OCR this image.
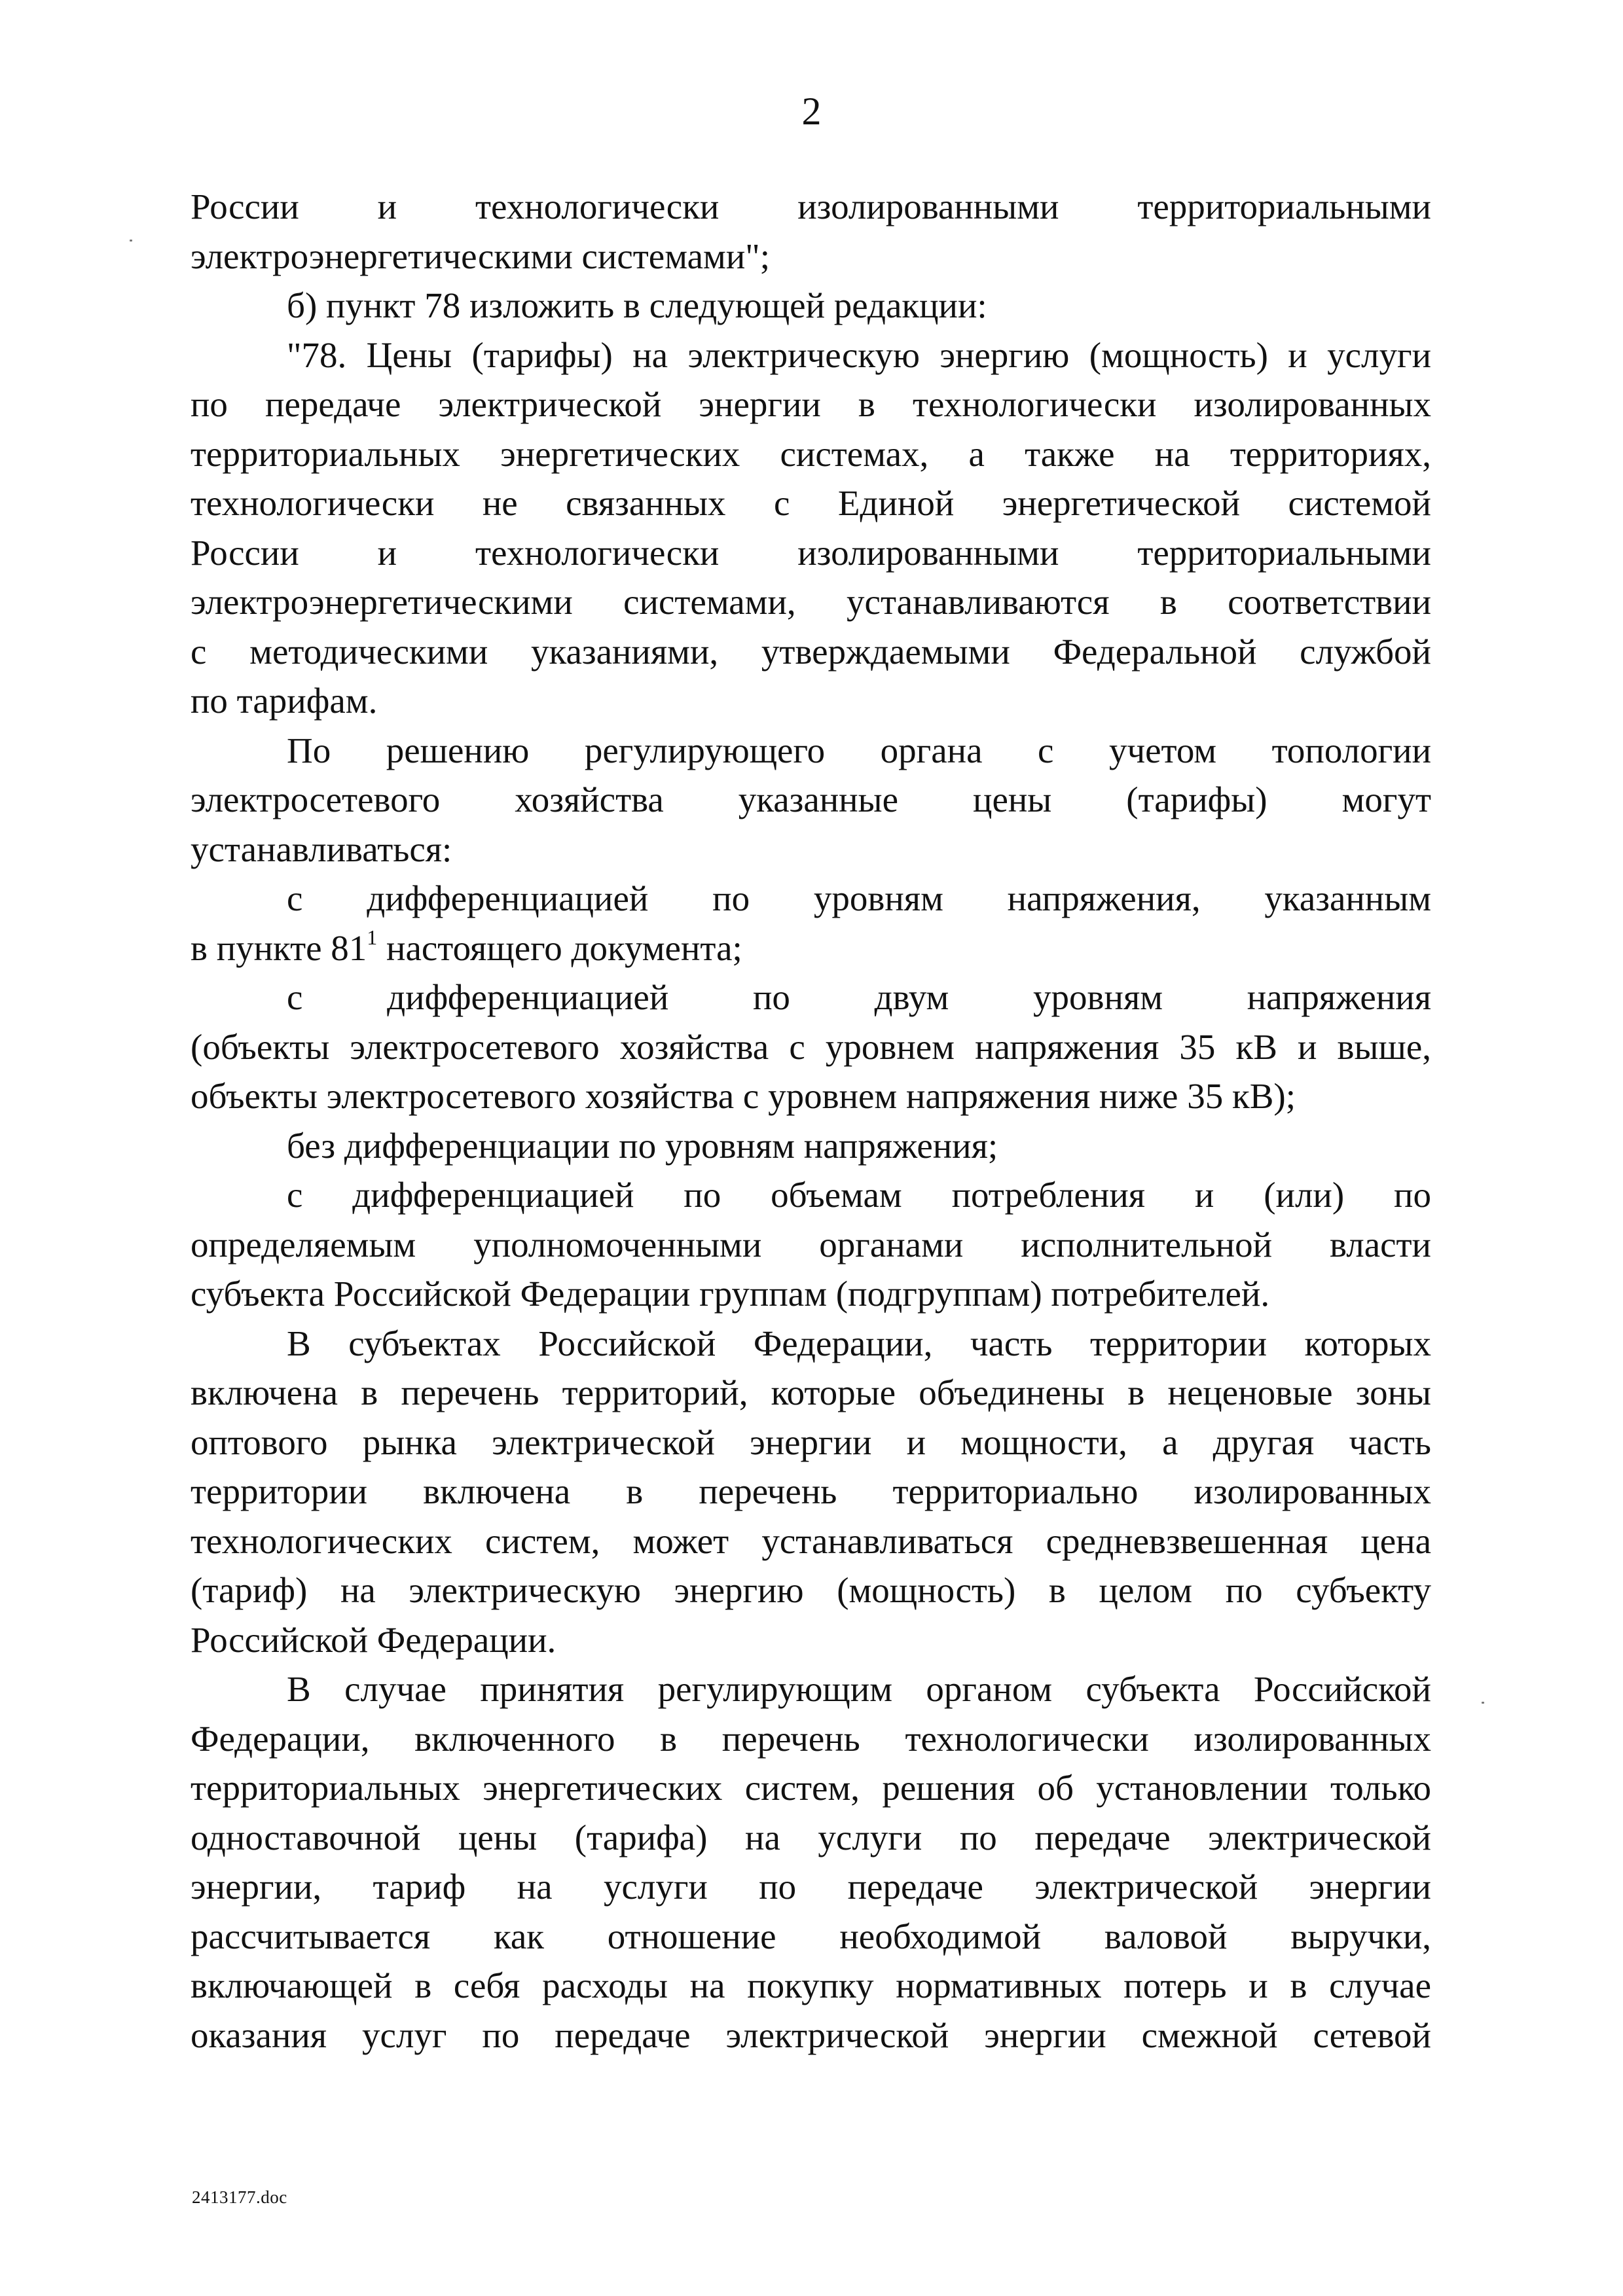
2
России и технологически изолированными территориальными
электроэнергетическими системами";
б) пункт 78 изложить в следующей редакции:
"78. Цены (тарифы) на электрическую энергию (мощность) и услуги
по передаче электрической энергии в технологически изолированных
территориальных энергетических системах, а также на территориях,
технологически не связанных с Единой энергетической системой
России и технологически изолированными территориальными
электроэнергетическими системами, устанавливаются в соответствии
с методическими указаниями, утверждаемыми Федеральной службой
по тарифам.
По решению регулирующего органа с учетом топологии
электросетевого хозяйства указанные цены (тарифы) могут
устанавливаться:
с дифференциацией по уровням напряжения, указанным
в пункте $81^1$ настоящего документа;
с дифференциацией по двум уровням напряжения
(объекты электросетевого хозяйства с уровнем напряжения 35 кВ и выше,
объекты электросетевого хозяйства с уровнем напряжения ниже 35 кВ);
без дифференциации по уровням напряжения;
с дифференциацией по объемам потребления и (или) по
определяемым уполномоченными органами исполнительной власти
субъекта Российской Федерации группам (подгруппам) потребителей.
В субъектах Российской Федерации, часть территории которых
включена в перечень территорий, которые объединены в неценовые зоны
оптового рынка электрической энергии и мощности, а другая часть
территории включена в перечень территориально изолированных
технологических систем, может устанавливаться средневзвешенная цена
(тариф) на электрическую энергию (мощность) в целом по субъекту
Российской Федерации.
В случае принятия регулирующим органом субъекта Российской
Федерации, включенного в перечень технологически изолированных
территориальных энергетических систем, решения об установлении только
одноставочной цены (тарифа) на услуги по передаче электрической
энергии, тариф на услуги по передаче электрической энергии
рассчитывается как отношение необходимой валовой выручки,
включающей в себя расходы на покупку нормативных потерь и в случае
оказания услуг по передаче электрической энергии смежной сетевой
2413177.doc
